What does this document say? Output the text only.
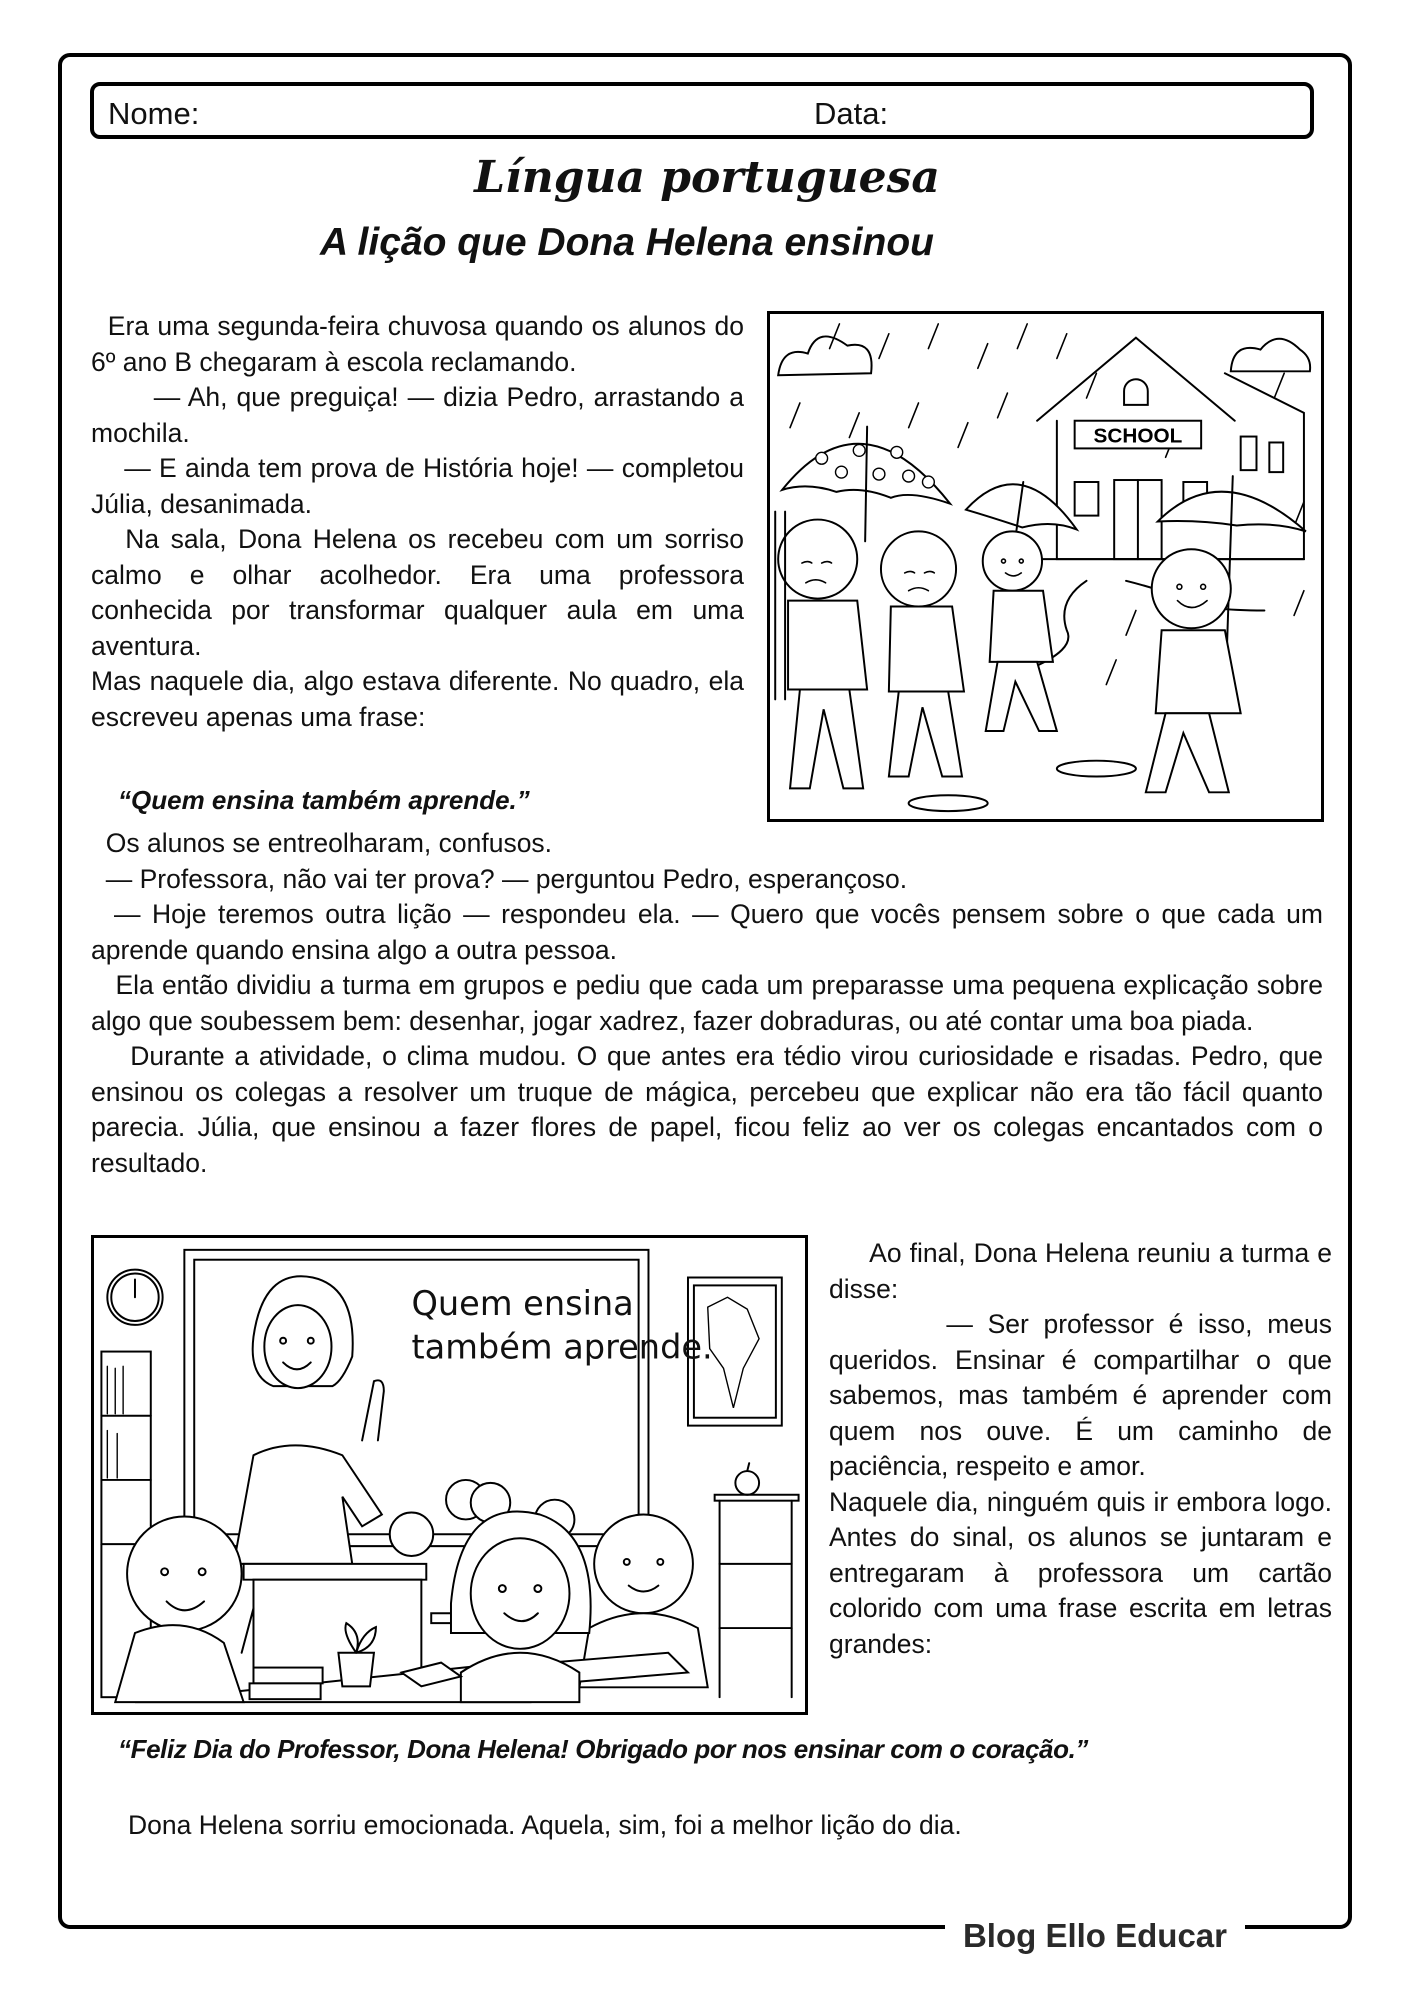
Blog Ello Educar
Nome:	Data:
Língua portuguesa
A lição que Dona Helena ensinou

Era uma segunda-feira chuvosa quando os alunos do 6º ano B chegaram à escola reclamando.

— Ah, que preguiça! — dizia Pedro, arrastando a mochila.

— E ainda tem prova de História hoje! — completou Júlia, desanimada.

Na sala, Dona Helena os recebeu com um sorriso calmo e olhar acolhedor. Era uma professora conhecida por transformar qualquer aula em uma aventura.

Mas naquele dia, algo estava diferente. No quadro, ela escreveu apenas uma frase:

“Quem ensina também aprende.”
SCHOOL

Os alunos se entreolharam, confusos.

— Professora, não vai ter prova? — perguntou Pedro, esperançoso.

— Hoje teremos outra lição — respondeu ela. — Quero que vocês pensem sobre o que cada um aprende quando ensina algo a outra pessoa.

Ela então dividiu a turma em grupos e pediu que cada um preparasse uma pequena explicação sobre algo que soubessem bem: desenhar, jogar xadrez, fazer dobraduras, ou até contar uma boa piada.

Durante a atividade, o clima mudou. O que antes era tédio virou curiosidade e risadas. Pedro, que ensinou os colegas a resolver um truque de mágica, percebeu que explicar não era tão fácil quanto parecia. Júlia, que ensinou a fazer flores de papel, ficou feliz ao ver os colegas encantados com o resultado.

Quem ensina
também aprende.

Ao final, Dona Helena reuniu a turma e disse:

— Ser professor é isso, meus queridos. Ensinar é compartilhar o que sabemos, mas também é aprender com quem nos ouve. É um caminho de paciência, respeito e amor.

Naquele dia, ninguém quis ir embora logo. Antes do sinal, os alunos se juntaram e entregaram à professora um cartão colorido com uma frase escrita em letras grandes:

“Feliz Dia do Professor, Dona Helena! Obrigado por nos ensinar com o coração.”

Dona Helena sorriu emocionada. Aquela, sim, foi a melhor lição do dia.
